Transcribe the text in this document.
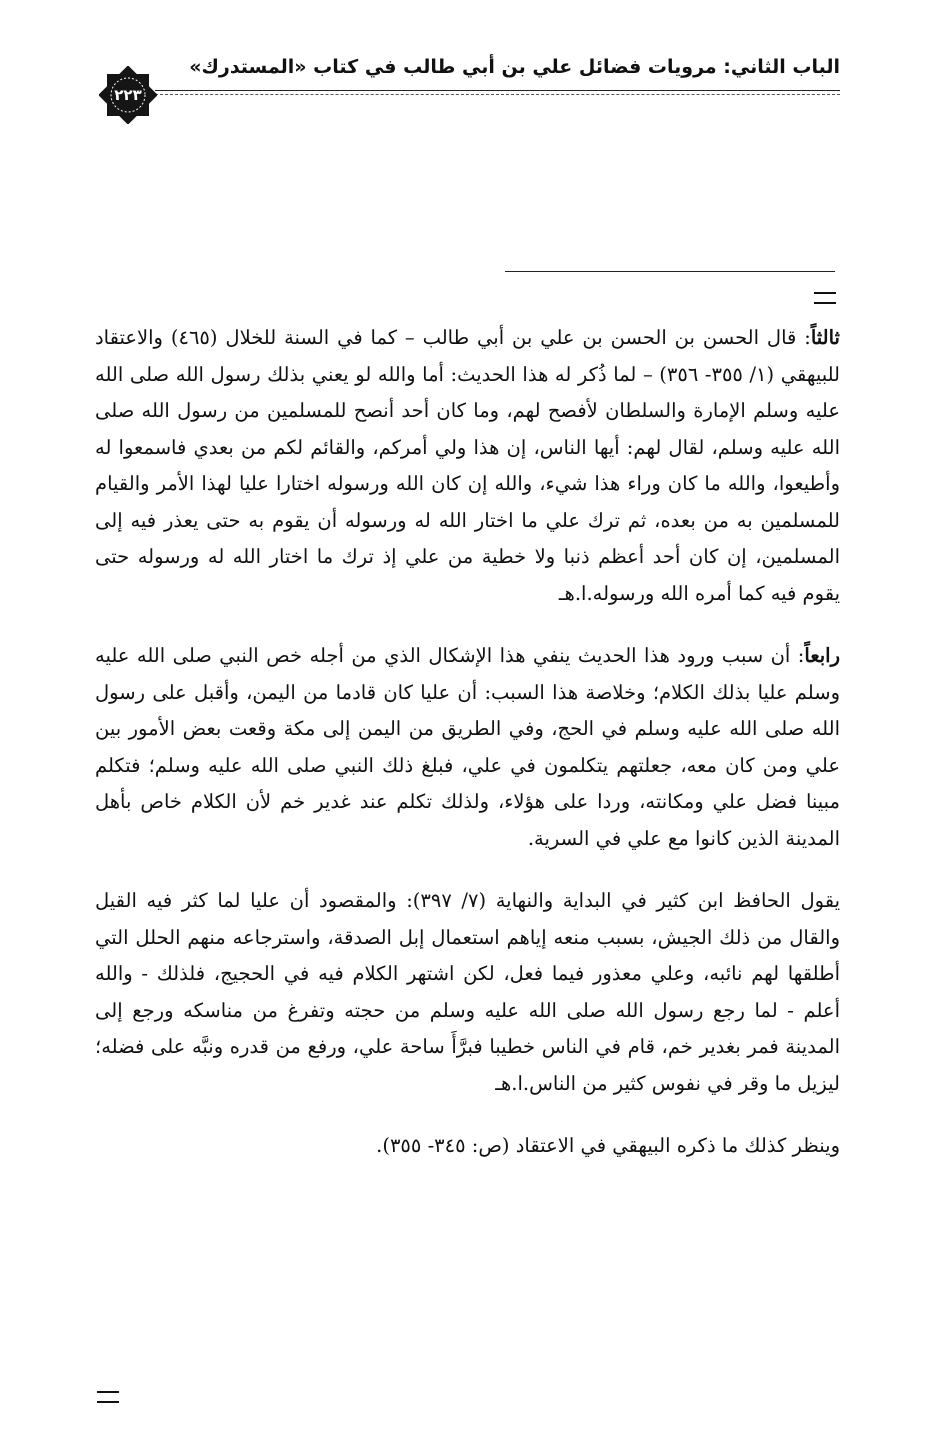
الباب الثاني: مرويات فضائل علي بن أبي طالب في كتاب «المستدرك»
٢٢٣

ثالثاً: قال الحسن بن الحسن بن علي بن أبي طالب – كما في السنة للخلال (٤٦٥) والاعتقاد للبيهقي (١/ ٣٥٥- ٣٥٦) – لما ذُكر له هذا الحديث: أما والله لو يعني بذلك رسول الله صلى الله عليه وسلم الإمارة والسلطان لأفصح لهم، وما كان أحد أنصح للمسلمين من رسول الله صلى الله عليه وسلم، لقال لهم: أيها الناس، إن هذا ولي أمركم، والقائم لكم من بعدي فاسمعوا له وأطيعوا، والله ما كان وراء هذا شيء، والله إن كان الله ورسوله اختارا عليا لهذا الأمر والقيام للمسلمين به من بعده، ثم ترك علي ما اختار الله له ورسوله أن يقوم به حتى يعذر فيه إلى المسلمين، إن كان أحد أعظم ذنبا ولا خطية من علي إذ ترك ما اختار الله له ورسوله حتى يقوم فيه كما أمره الله ورسوله.ا.هـ

رابعاً: أن سبب ورود هذا الحديث ينفي هذا الإشكال الذي من أجله خص النبي صلى الله عليه وسلم عليا بذلك الكلام؛ وخلاصة هذا السبب: أن عليا كان قادما من اليمن، وأقبل على رسول الله صلى الله عليه وسلم في الحج، وفي الطريق من اليمن إلى مكة وقعت بعض الأمور بين علي ومن كان معه، جعلتهم يتكلمون في علي، فبلغ ذلك النبي صلى الله عليه وسلم؛ فتكلم مبينا فضل علي ومكانته، وردا على هؤلاء، ولذلك تكلم عند غدير خم لأن الكلام خاص بأهل المدينة الذين كانوا مع علي في السرية.

يقول الحافظ ابن كثير في البداية والنهاية (٧/ ٣٩٧): والمقصود أن عليا لما كثر فيه القيل والقال من ذلك الجيش، بسبب منعه إياهم استعمال إبل الصدقة، واسترجاعه منهم الحلل التي أطلقها لهم نائبه، وعلي معذور فيما فعل، لكن اشتهر الكلام فيه في الحجيج، فلذلك - والله أعلم - لما رجع رسول الله صلى الله عليه وسلم من حجته وتفرغ من مناسكه ورجع إلى المدينة فمر بغدير خم، قام في الناس خطيبا فبرَّأَ ساحة علي، ورفع من قدره ونبَّه على فضله؛ ليزيل ما وقر في نفوس كثير من الناس.ا.هـ

وينظر كذلك ما ذكره البيهقي في الاعتقاد (ص: ٣٤٥- ٣٥٥).
